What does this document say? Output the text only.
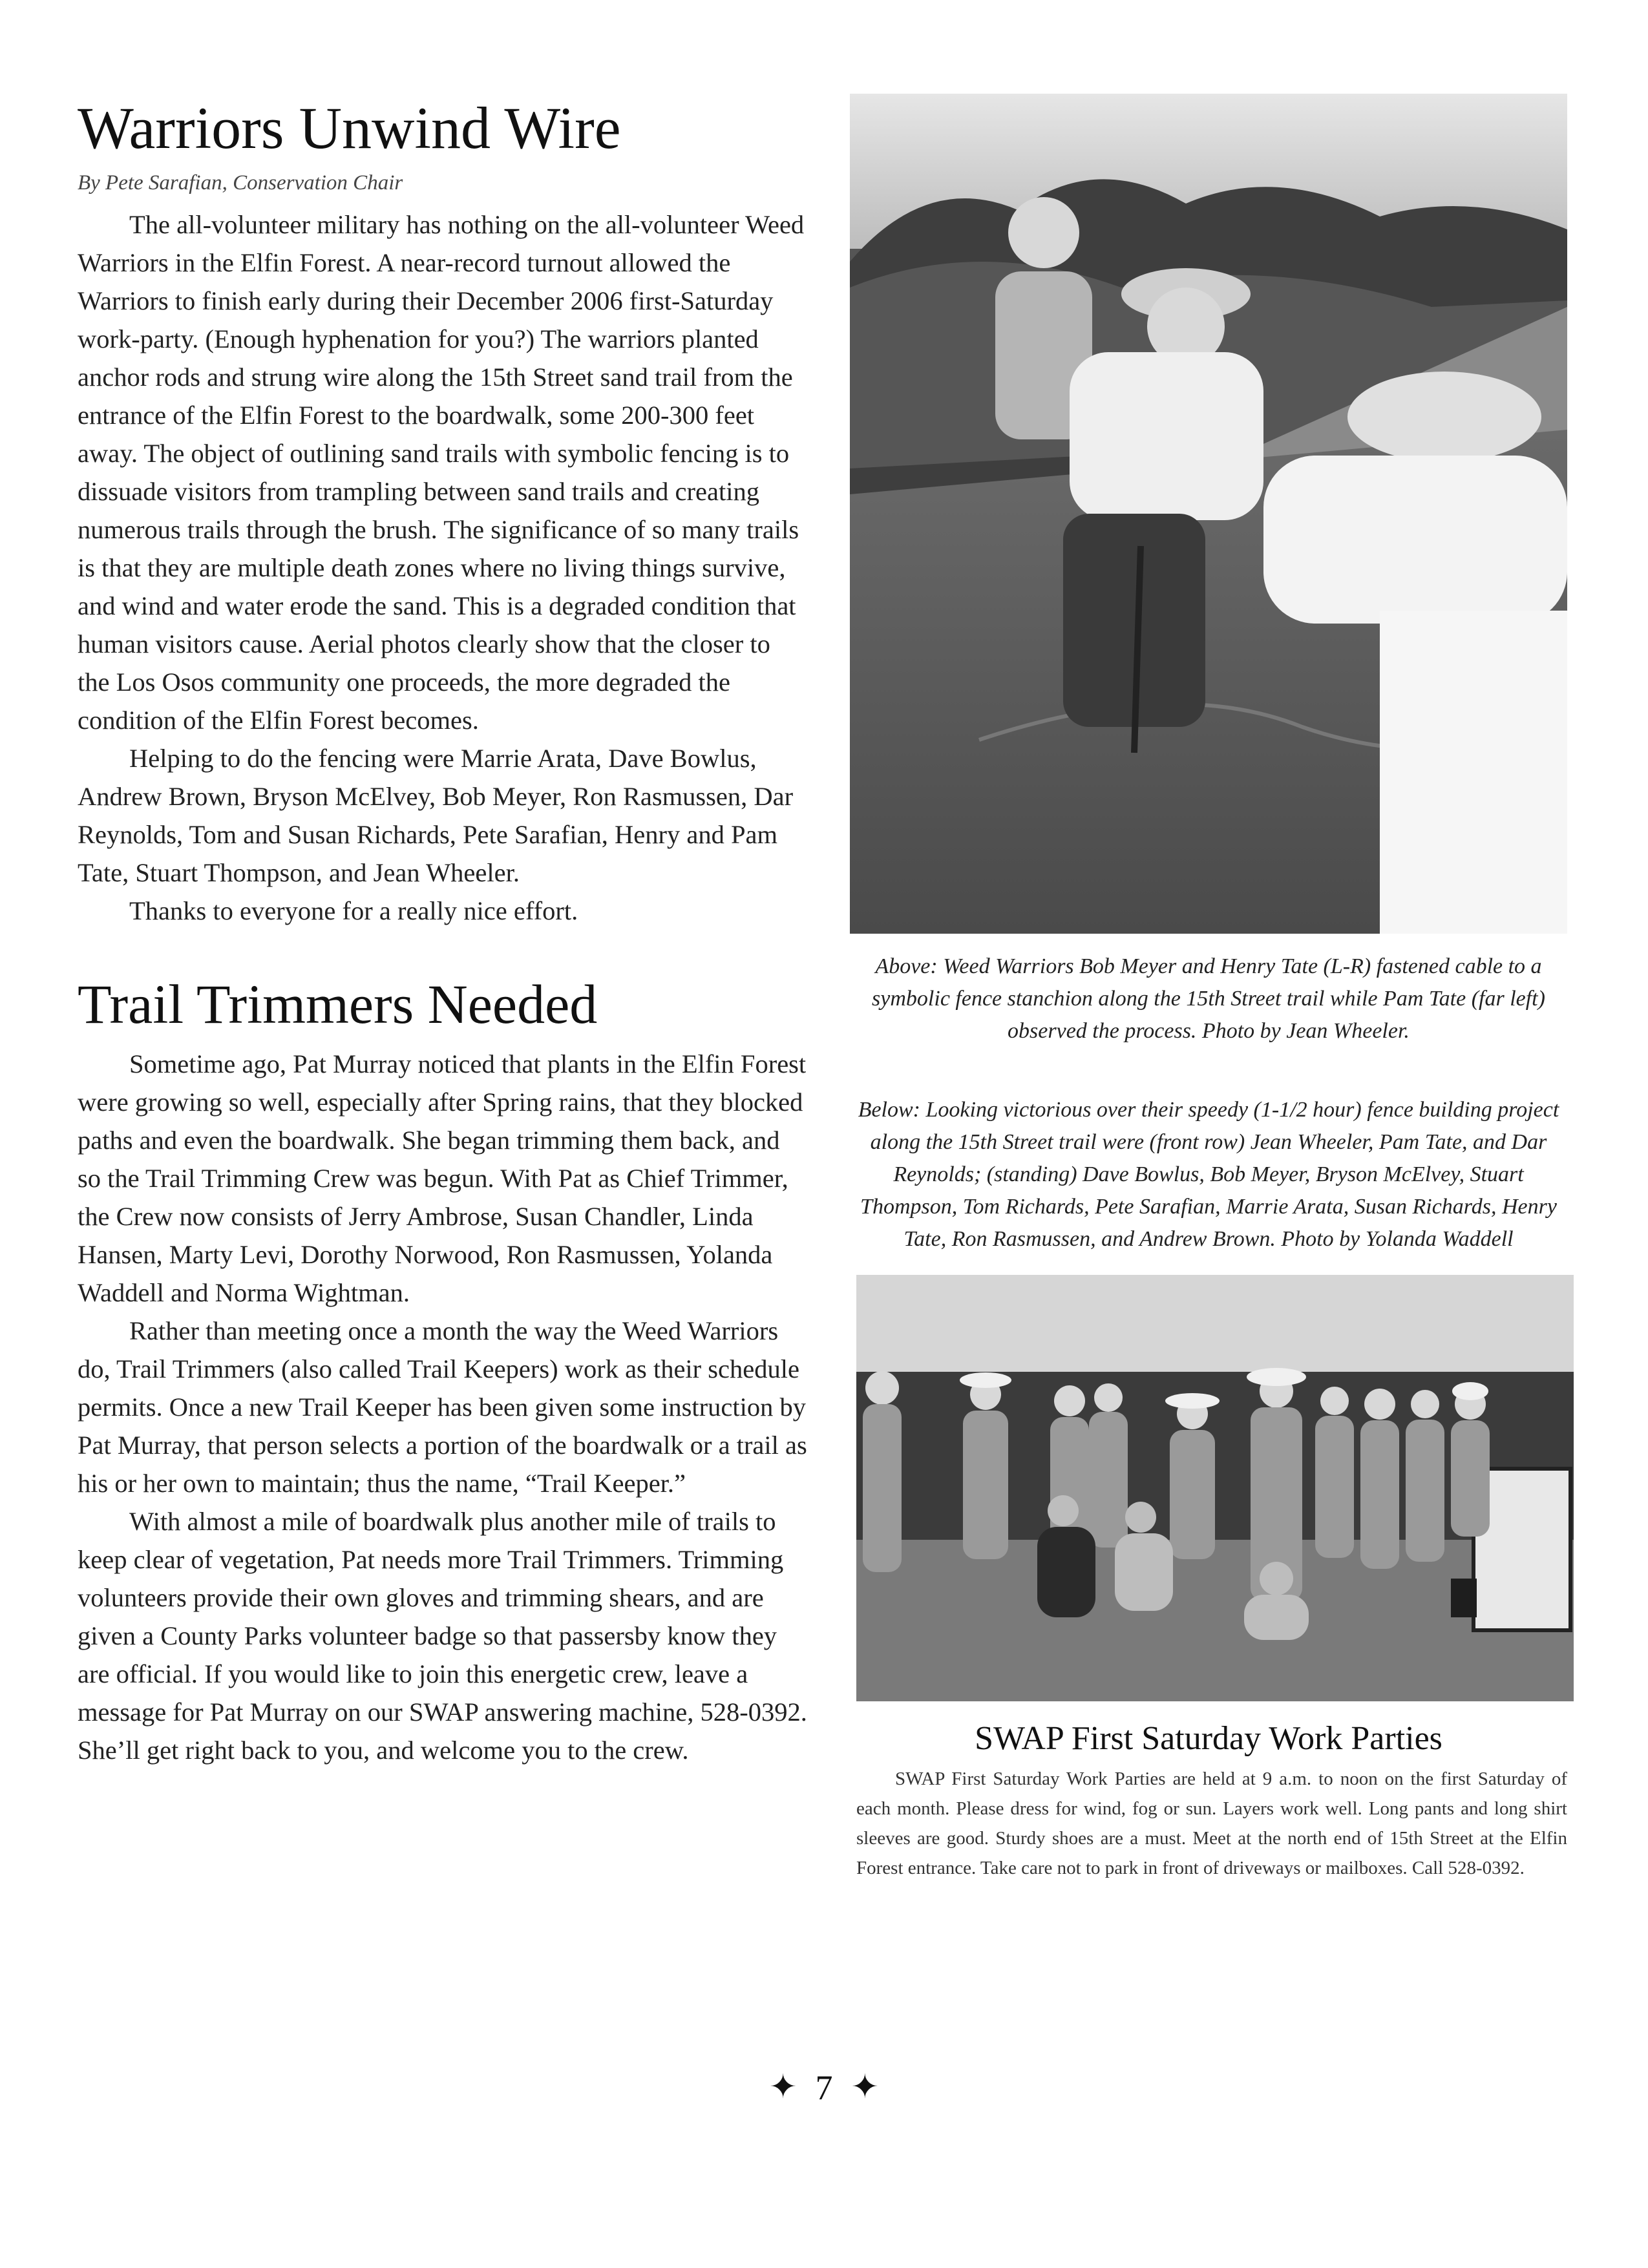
Warriors Unwind Wire
By Pete Sarafian, Conservation Chair

The all-volunteer military has nothing on the all-volunteer Weed Warriors in the Elfin Forest. A near-record turnout allowed the Warriors to finish early during their December 2006 first-Saturday work-party. (Enough hyphenation for you?) The warriors planted anchor rods and strung wire along the 15th Street sand trail from the entrance of the Elfin Forest to the boardwalk, some 200-300 feet away. The object of outlining sand trails with symbolic fencing is to dissuade visitors from trampling between sand trails and creating numerous trails through the brush. The significance of so many trails is that they are multiple death zones where no living things survive, and wind and water erode the sand. This is a degraded condition that human visitors cause. Aerial photos clearly show that the closer to the Los Osos community one proceeds, the more degraded the condition of the Elfin Forest becomes.

Helping to do the fencing were Marrie Arata, Dave Bowlus, Andrew Brown, Bryson McElvey, Bob Meyer, Ron Rasmussen, Dar Reynolds, Tom and Susan Richards, Pete Sarafian, Henry and Pam Tate, Stuart Thompson, and Jean Wheeler.

Thanks to everyone for a really nice effort.

Trail Trimmers Needed

Sometime ago, Pat Murray noticed that plants in the Elfin Forest were growing so well, especially after Spring rains, that they blocked paths and even the boardwalk. She began trimming them back, and so the Trail Trimming Crew was begun. With Pat as Chief Trimmer, the Crew now consists of Jerry Ambrose, Susan Chandler, Linda Hansen, Marty Levi, Dorothy Norwood, Ron Rasmussen, Yolanda Waddell and Norma Wightman.

Rather than meeting once a month the way the Weed Warriors do, Trail Trimmers (also called Trail Keepers) work as their schedule permits. Once a new Trail Keeper has been given some instruction by Pat Murray, that person selects a portion of the boardwalk or a trail as his or her own to maintain; thus the name, “Trail Keeper.”

With almost a mile of boardwalk plus another mile of trails to keep clear of vegetation, Pat needs more Trail Trimmers. Trimming volunteers provide their own gloves and trimming shears, and are given a County Parks volunteer badge so that passersby know they are official. If you would like to join this energetic crew, leave a message for Pat Murray on our SWAP answering machine, 528-0392. She’ll get right back to you, and welcome you to the crew.

Above: Weed Warriors Bob Meyer and Henry Tate (L-R) fastened cable to a symbolic fence stanchion along the 15th Street trail while Pam Tate (far left) observed the process. Photo by Jean Wheeler.
Below: Looking victorious over their speedy (1-1/2 hour) fence building project along the 15th Street trail were (front row) Jean Wheeler, Pam Tate, and Dar Reynolds; (standing) Dave Bowlus, Bob Meyer, Bryson McElvey, Stuart Thompson, Tom Richards, Pete Sarafian, Marrie Arata, Susan Richards, Henry Tate, Ron Rasmussen, and Andrew Brown. Photo by Yolanda Waddell
SWAP First Saturday Work Parties
SWAP First Saturday Work Parties are held at 9 a.m. to noon on the first Saturday of each month. Please dress for wind, fog or sun. Layers work well. Long pants and long shirt sleeves are good. Sturdy shoes are a must. Meet at the north end of 15th Street at the Elfin Forest entrance. Take care not to park in front of driveways or mailboxes. Call 528-0392.
✦ 7 ✦
